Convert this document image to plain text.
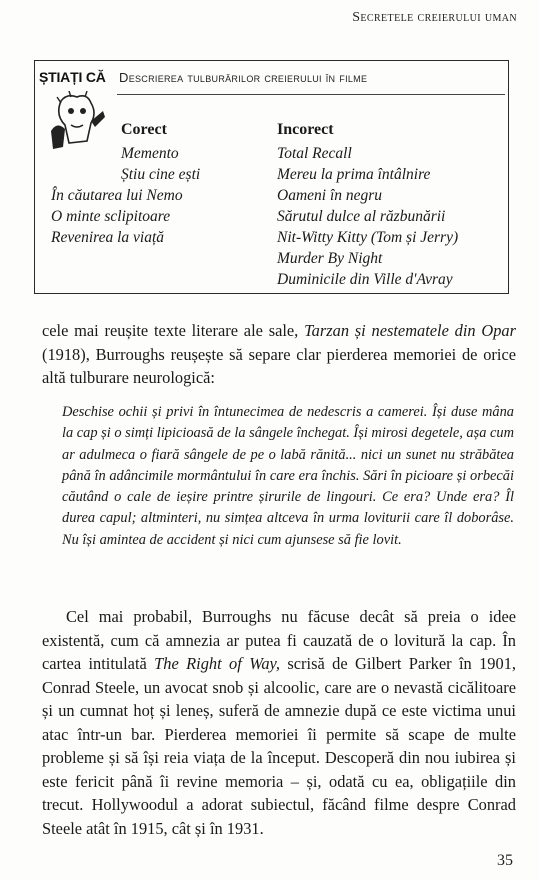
Secretele creierului uman
ȘTIAȚI CĂ Descrierea tulburărilor creierului în filme
Corect
Memento
Știu cine ești
În căutarea lui Nemo
O minte sclipitoare
Revenirea la viață
Incorect
Total Recall
Mereu la prima întâlnire
Oameni în negru
Sărutul dulce al răzbunării
Nit-Witty Kitty (Tom și Jerry)
Murder By Night
Duminicile din Ville d'Avray

cele mai reușite texte literare ale sale, Tarzan și nestematele din Opar (1918), Burroughs reușește să separe clar pierderea memoriei de orice altă tulburare neurologică:

Deschise ochii și privi în întunecimea de nedescris a camerei. Își duse mâna la cap și o simți lipicioasă de la sângele închegat. Își mirosi degetele, așa cum ar adulmeca o fiară sângele de pe o labă rănită... nici un sunet nu străbătea până în adâncimile mormântului în care era închis. Sări în picioare și orbecăi căutând o cale de ieșire printre șirurile de lingouri. Ce era? Unde era? Îl durea capul; altminteri, nu simțea altceva în urma loviturii care îl doborâse. Nu își amintea de accident și nici cum ajunsese să fie lovit.

Cel mai probabil, Burroughs nu făcuse decât să preia o idee existentă, cum că amnezia ar putea fi cauzată de o lovitură la cap. În cartea intitulată The Right of Way, scrisă de Gilbert Parker în 1901, Conrad Steele, un avocat snob și alcoolic, care are o nevastă cicălitoare și un cumnat hoț și leneș, suferă de amnezie după ce este victima unui atac într-un bar. Pierderea memoriei îi permite să scape de multe probleme și să își reia viața de la început. Descoperă din nou iubirea și este fericit până îi revine memoria – și, odată cu ea, obligațiile din trecut. Hollywoodul a adorat subiectul, făcând filme despre Conrad Steele atât în 1915, cât și în 1931.

35
